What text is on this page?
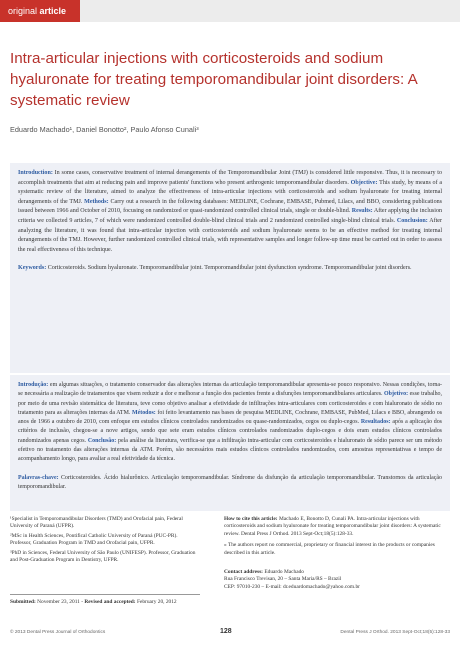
original article
Intra-articular injections with corticosteroids and sodium hyaluronate for treating temporomandibular joint disorders: A systematic review
Eduardo Machado¹, Daniel Bonotto², Paulo Afonso Cunali³

Introduction: In some cases, conservative treatment of internal derangements of the Temporomandibular Joint (TMJ) is considered little responsive. Thus, it is necessary to accomplish treatments that aim at reducing pain and improve patients' functions who present arthrogenic temporomandibular disorders. Objective: This study, by means of a systematic review of the literature, aimed to analyze the effectiveness of intra-articular injections with corticosteroids and sodium hyaluronate for treating internal derangements of the TMJ. Methods: Carry out a research in the following databases: MEDLINE, Cochrane, EMBASE, Pubmed, Lilacs, and BBO, considering publications issued between 1966 and October of 2010, focusing on randomized or quasi-randomized controlled clinical trials, single or double-blind. Results: After applying the inclusion criteria we collected 9 articles, 7 of which were randomized controlled double-blind clinical trials and 2 randomized controlled single-blind clinical trials. Conclusion: After analyzing the literature, it was found that intra-articular injection with corticosteroids and sodium hyaluronate seems to be an effective method for treating internal derangements of the TMJ. However, further randomized controlled clinical trials, with representative samples and longer follow-up time must be carried out in order to assess the real effectiveness of this technique.

Keywords: Corticosteroids. Sodium hyaluronate. Temporomandibular joint. Temporomandibular joint dysfunction syndrome. Temporomandibular joint disorders.

Introdução: em algumas situações, o tratamento conservador das alterações internas da articulação temporomandibular apresenta-se pouco responsivo. Nessas condições, torna-se necessária a realização de tratamentos que visem reduzir a dor e melhorar a função dos pacientes frente a disfunções temporomandibulares articulares. Objetivo: esse trabalho, por meio de uma revisão sistemática de literatura, teve como objetivo analisar a efetividade de infiltrações intra-articulares com corticosteroides e com hialuronato de sódio no tratamento para as alterações internas da ATM. Métodos: foi feito levantamento nas bases de pesquisa MEDLINE, Cochrane, EMBASE, PubMed, Lilacs e BBO, abrangendo os anos de 1966 a outubro de 2010, com enfoque em estudos clínicos controlados randomizados ou quase-randomizados, cegos ou duplo-cegos. Resultados: após a aplicação dos critérios de inclusão, chegou-se a nove artigos, sendo que sete eram estudos clínicos controlados randomizados duplo-cegos e dois eram estudos clínicos controlados randomizados apenas cegos. Conclusão: pela análise da literatura, verifica-se que a infiltração intra-articular com corticosteroides e hialuronato de sódio parece ser um método efetivo no tratamento das alterações internas da ATM. Porém, são necessários mais estudos clínicos controlados randomizados, com amostras representativas e tempo de acompanhamento longo, para avaliar a real efetividade da técnica.

Palavras-chave: Corticosteroides. Ácido hialurônico. Articulação temporomandibular. Síndrome da disfunção da articulação temporomandibular. Transtornos da articulação temporomandibular.

¹Specialist in Temporomandibular Disorders (TMD) and Orofacial pain, Federal University of Paraná (UFPR).

²MSc in Health Sciences, Pontifical Catholic University of Paraná (PUC-PR). Professor, Graduation Program in TMD and Orofacial pain, UFPR.

³PhD in Sciences, Federal University of São Paulo (UNIFESP). Professor, Graduation and Post-Graduation Program in Dentistry, UFPR.

Submitted: November 23, 2011 - Revised and accepted: February 20, 2012

How to cite this article: Machado E, Bonotto D, Cunali PA. Intra-articular injections with corticosteroids and sodium hyaluronate for treating temporomandibular joint disorders: A systematic review. Dental Press J Orthod. 2013 Sept-Oct;18(5):128-33.

» The authors report no commercial, proprietary or financial interest in the products or companies described in this article.

Contact address: Eduardo Machado
Rua Francisco Trevisan, 20 – Santa Maria/RS – Brazil
CEP: 97010-230 – E-mail: dr.eduardomachado@yahoo.com.br

© 2013 Dental Press Journal of Orthodontics	128	Dental Press J Orthod. 2013 Sept-Oct;18(5):128-33
